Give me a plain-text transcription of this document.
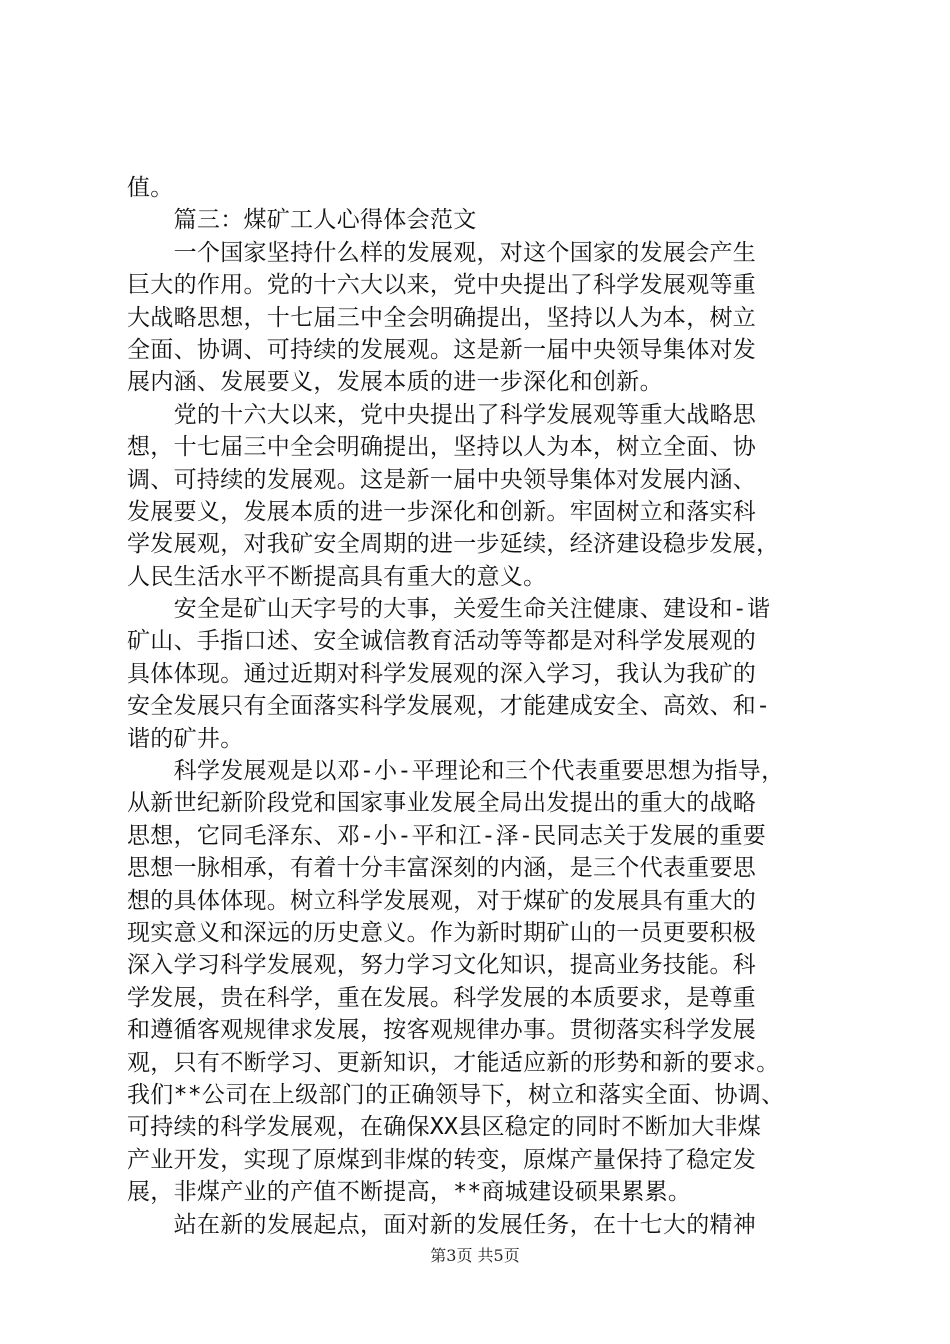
值。
　　篇三：煤矿工人心得体会范文
　　一个国家坚持什么样的发展观，对这个国家的发展会产生
巨大的作用。党的十六大以来，党中央提出了科学发展观等重
大战略思想，十七届三中全会明确提出，坚持以人为本，树立
全面、协调、可持续的发展观。这是新一届中央领导集体对发
展内涵、发展要义，发展本质的进一步深化和创新。
　　党的十六大以来，党中央提出了科学发展观等重大战略思
想，十七届三中全会明确提出，坚持以人为本，树立全面、协
调、可持续的发展观。这是新一届中央领导集体对发展内涵、
发展要义，发展本质的进一步深化和创新。牢固树立和落实科
学发展观，对我矿安全周期的进一步延续，经济建设稳步发展，
人民生活水平不断提高具有重大的意义。
　　安全是矿山天字号的大事，关爱生命关注健康、建设和-谐
矿山、手指口述、安全诚信教育活动等等都是对科学发展观的
具体体现。通过近期对科学发展观的深入学习，我认为我矿的
安全发展只有全面落实科学发展观，才能建成安全、高效、和-
谐的矿井。
　　科学发展观是以邓-小-平理论和三个代表重要思想为指导，
从新世纪新阶段党和国家事业发展全局出发提出的重大的战略
思想，它同毛泽东、邓-小-平和江-泽-民同志关于发展的重要
思想一脉相承，有着十分丰富深刻的内涵，是三个代表重要思
想的具体体现。树立科学发展观，对于煤矿的发展具有重大的
现实意义和深远的历史意义。作为新时期矿山的一员更要积极
深入学习科学发展观，努力学习文化知识，提高业务技能。科
学发展，贵在科学，重在发展。科学发展的本质要求，是尊重
和遵循客观规律求发展，按客观规律办事。贯彻落实科学发展
观，只有不断学习、更新知识，才能适应新的形势和新的要求。
我们**公司在上级部门的正确领导下，树立和落实全面、协调、
可持续的科学发展观，在确保XX县区稳定的同时不断加大非煤
产业开发，实现了原煤到非煤的转变，原煤产量保持了稳定发
展，非煤产业的产值不断提高，**商城建设硕果累累。
　　站在新的发展起点，面对新的发展任务，在十七大的精神
第3页 共5页
